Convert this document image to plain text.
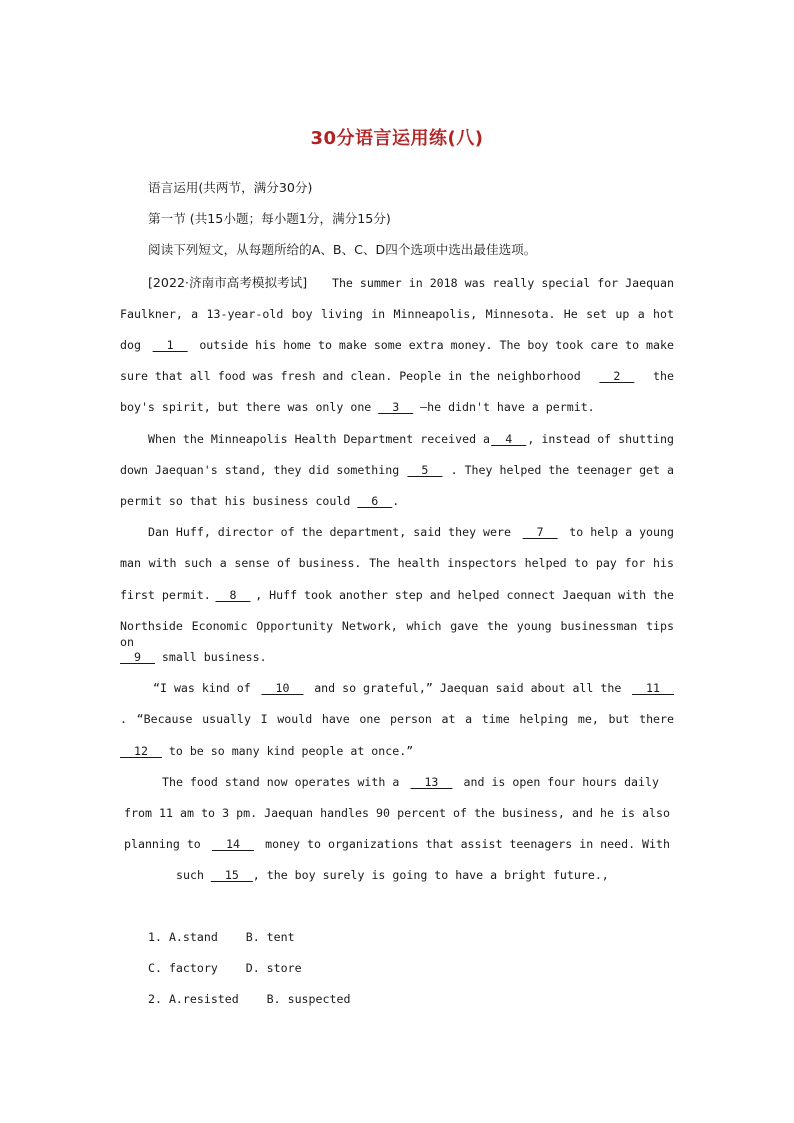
30分语言运用练(八)
语言运用(共两节，满分30分)
第一节 (共15小题；每小题1分，满分15分)
阅读下列短文，从每题所给的A、B、C、D四个选项中选出最佳选项。
[2022·济南市高考模拟考试] The summer in 2018 was really special for Jaequan
Faulkner, a 13-year-old boy living in Minneapolis, Minnesota. He set up a hot
dog __1__ outside his home to make some extra money. The boy took care to make
sure that all food was fresh and clean. People in the neighborhood __2__ the
boy's spirit, but there was only one __3__ —he didn't have a permit.
When the Minneapolis Health Department received a __4__ , instead of shutting
down Jaequan's stand, they did something __5__ . They helped the teenager get a
permit so that his business could __6__.
Dan Huff, director of the department, said they were __7__ to help a young
man with such a sense of business. The health inspectors helped to pay for his
first permit. __8__ , Huff took another step and helped connect Jaequan with the
Northside Economic Opportunity Network, which gave the young businessman tips on
__9__ small business.
“I was kind of __10__ and so grateful,” Jaequan said about all the __11__
. “Because usually I would have one person at a time helping me, but there
__12__ to be so many kind people at once.”
The food stand now operates with a __13__ and is open four hours daily
from 11 am to 3 pm. Jaequan handles 90 percent of the business, and he is also
planning to __14__ money to organizations that assist teenagers in need. With
such __15__, the boy surely is going to have a bright future.,
1. A.stand    B. tent
C. factory    D. store
2. A.resisted    B. suspected
